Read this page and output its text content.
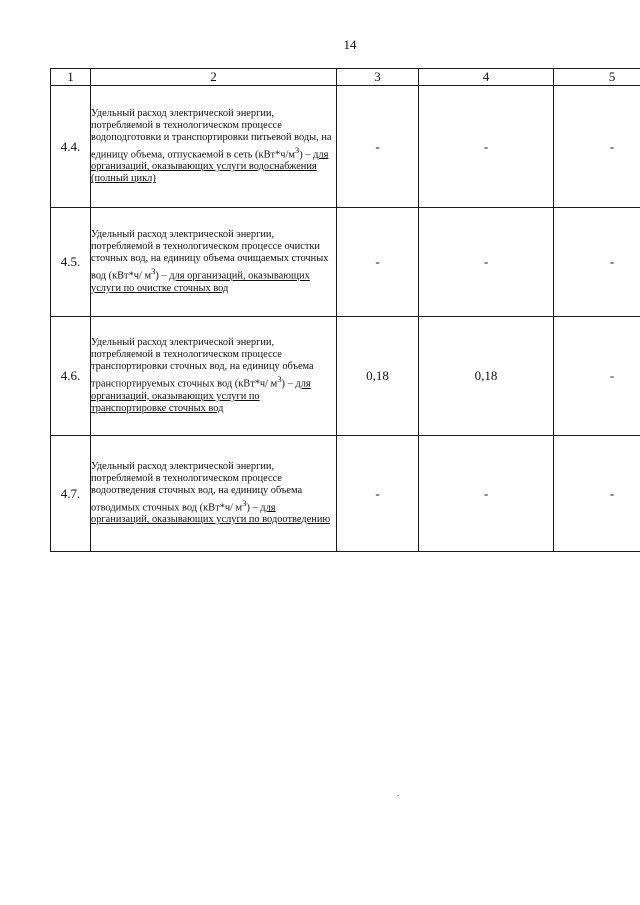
14
1	2	3	4	5
4.4.	Удельный расход электрической энергии, потребляемой в технологическом процессе водоподготовки и транспортировки питьевой воды, на единицу объема, отпускаемой в сеть $(кВт*ч/м^3)$ – для организаций, оказывающих услуги водоснабжения (полный цикл)	-	-	-
4.5.	Удельный расход электрической энергии, потребляемой в технологическом процессе очистки сточных вод, на единицу объема очищаемых сточных вод (кВт*ч/ $м^3$) – для организаций, оказывающих услуги по очистке сточных вод	-	-	-
4.6.	Удельный расход электрической энергии, потребляемой в технологическом процессе транспортировки сточных вод, на единицу объема транспортируемых сточных вод (кВт*ч/ $м^3$) – для организаций, оказывающих услуги по транспортировке сточных вод	0,18	0,18	-
4.7.	Удельный расход электрической энергии, потребляемой в технологическом процессе водоотведения сточных вод, на единицу объема отводимых сточных вод (кВт*ч/ $м^3$) – для организаций, оказывающих услуги по водоотведению	-	-	-
